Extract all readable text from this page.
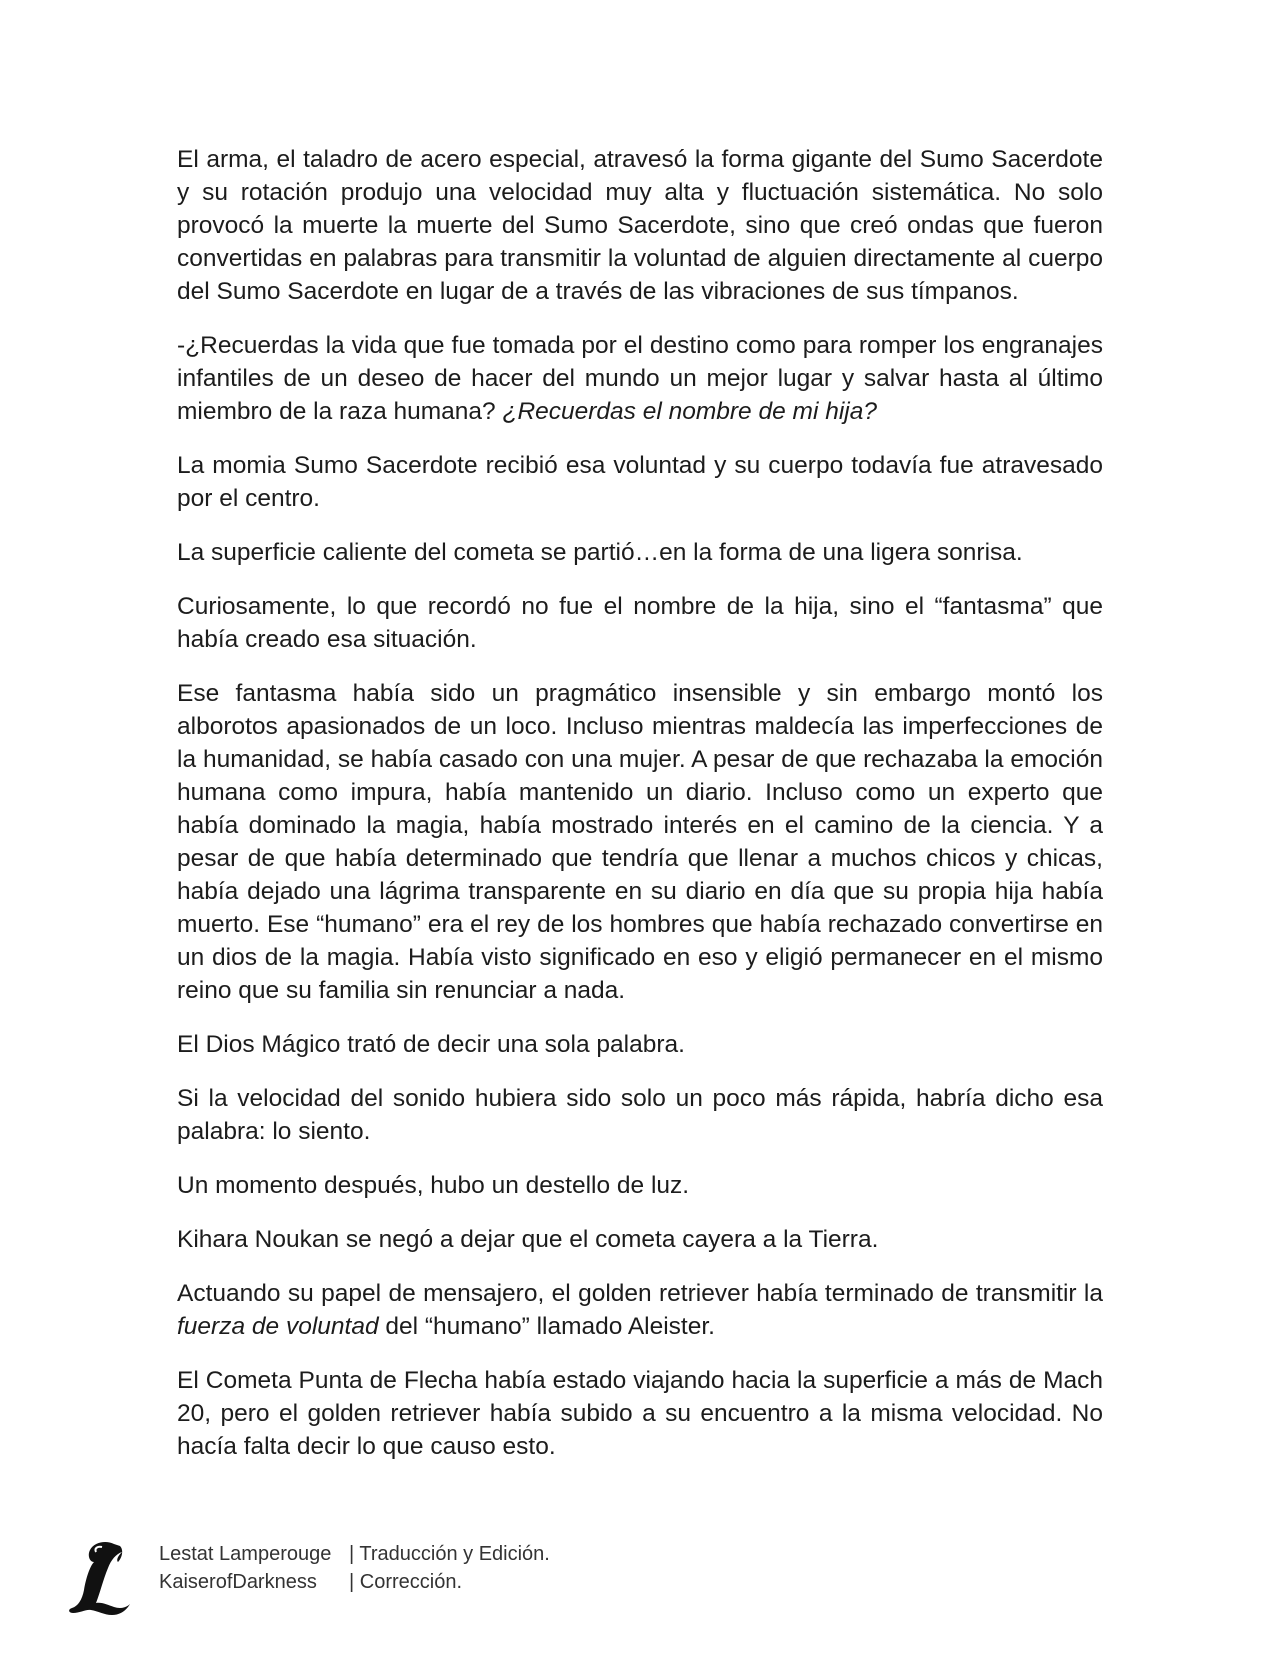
El arma, el taladro de acero especial, atravesó la forma gigante del Sumo Sacerdote y su rotación produjo una velocidad muy alta y fluctuación sistemática. No solo provocó la muerte la muerte del Sumo Sacerdote, sino que creó ondas que fueron convertidas en palabras para transmitir la voluntad de alguien directamente al cuerpo del Sumo Sacerdote en lugar de a través de las vibraciones de sus tímpanos.

-¿Recuerdas la vida que fue tomada por el destino como para romper los engranajes infantiles de un deseo de hacer del mundo un mejor lugar y salvar hasta al último miembro de la raza humana? ¿Recuerdas el nombre de mi hija?

La momia Sumo Sacerdote recibió esa voluntad y su cuerpo todavía fue atravesado por el centro.

La superficie caliente del cometa se partió…en la forma de una ligera sonrisa.

Curiosamente, lo que recordó no fue el nombre de la hija, sino el “fantasma” que había creado esa situación.

Ese fantasma había sido un pragmático insensible y sin embargo montó los alborotos apasionados de un loco. Incluso mientras maldecía las imperfecciones de la humanidad, se había casado con una mujer. A pesar de que rechazaba la emoción humana como impura, había mantenido un diario. Incluso como un experto que había dominado la magia, había mostrado interés en el camino de la ciencia. Y a pesar de que había determinado que tendría que llenar a muchos chicos y chicas, había dejado una lágrima transparente en su diario en día que su propia hija había muerto. Ese “humano” era el rey de los hombres que había rechazado convertirse en un dios de la magia. Había visto significado en eso y eligió permanecer en el mismo reino que su familia sin renunciar a nada.

El Dios Mágico trató de decir una sola palabra.

Si la velocidad del sonido hubiera sido solo un poco más rápida, habría dicho esa palabra: lo siento.

Un momento después, hubo un destello de luz.

Kihara Noukan se negó a dejar que el cometa cayera a la Tierra.

Actuando su papel de mensajero, el golden retriever había terminado de transmitir la fuerza de voluntad del “humano” llamado Aleister.

El Cometa Punta de Flecha había estado viajando hacia la superficie a más de Mach 20, pero el golden retriever había subido a su encuentro a la misma velocidad. No hacía falta decir lo que causo esto.

Lestat Lamperouge | Traducción y Edición.
KaiserofDarkness | Corrección.
